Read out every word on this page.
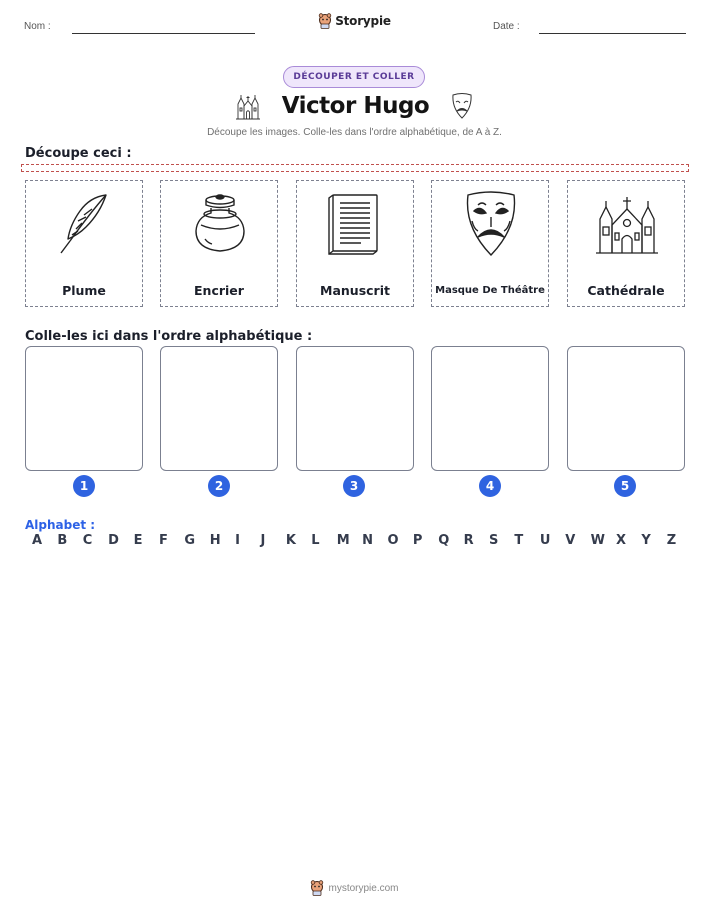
Nom :	Storypie	Date :
DÉCOUPER ET COLLER
Victor Hugo
Découpe les images. Colle-les dans l'ordre alphabétique, de A à Z.
Découpe ceci :
Plume	Encrier	Manuscrit	Masque De Théâtre	Cathédrale
Colle-les ici dans l'ordre alphabétique :
1	2	3	4	5
Alphabet :
A	B	C	D	E	F	G	H	I	J	K	L	M N	O	P	Q	R	S	T	U	V	W X	Y	Z
mystorypie.com
